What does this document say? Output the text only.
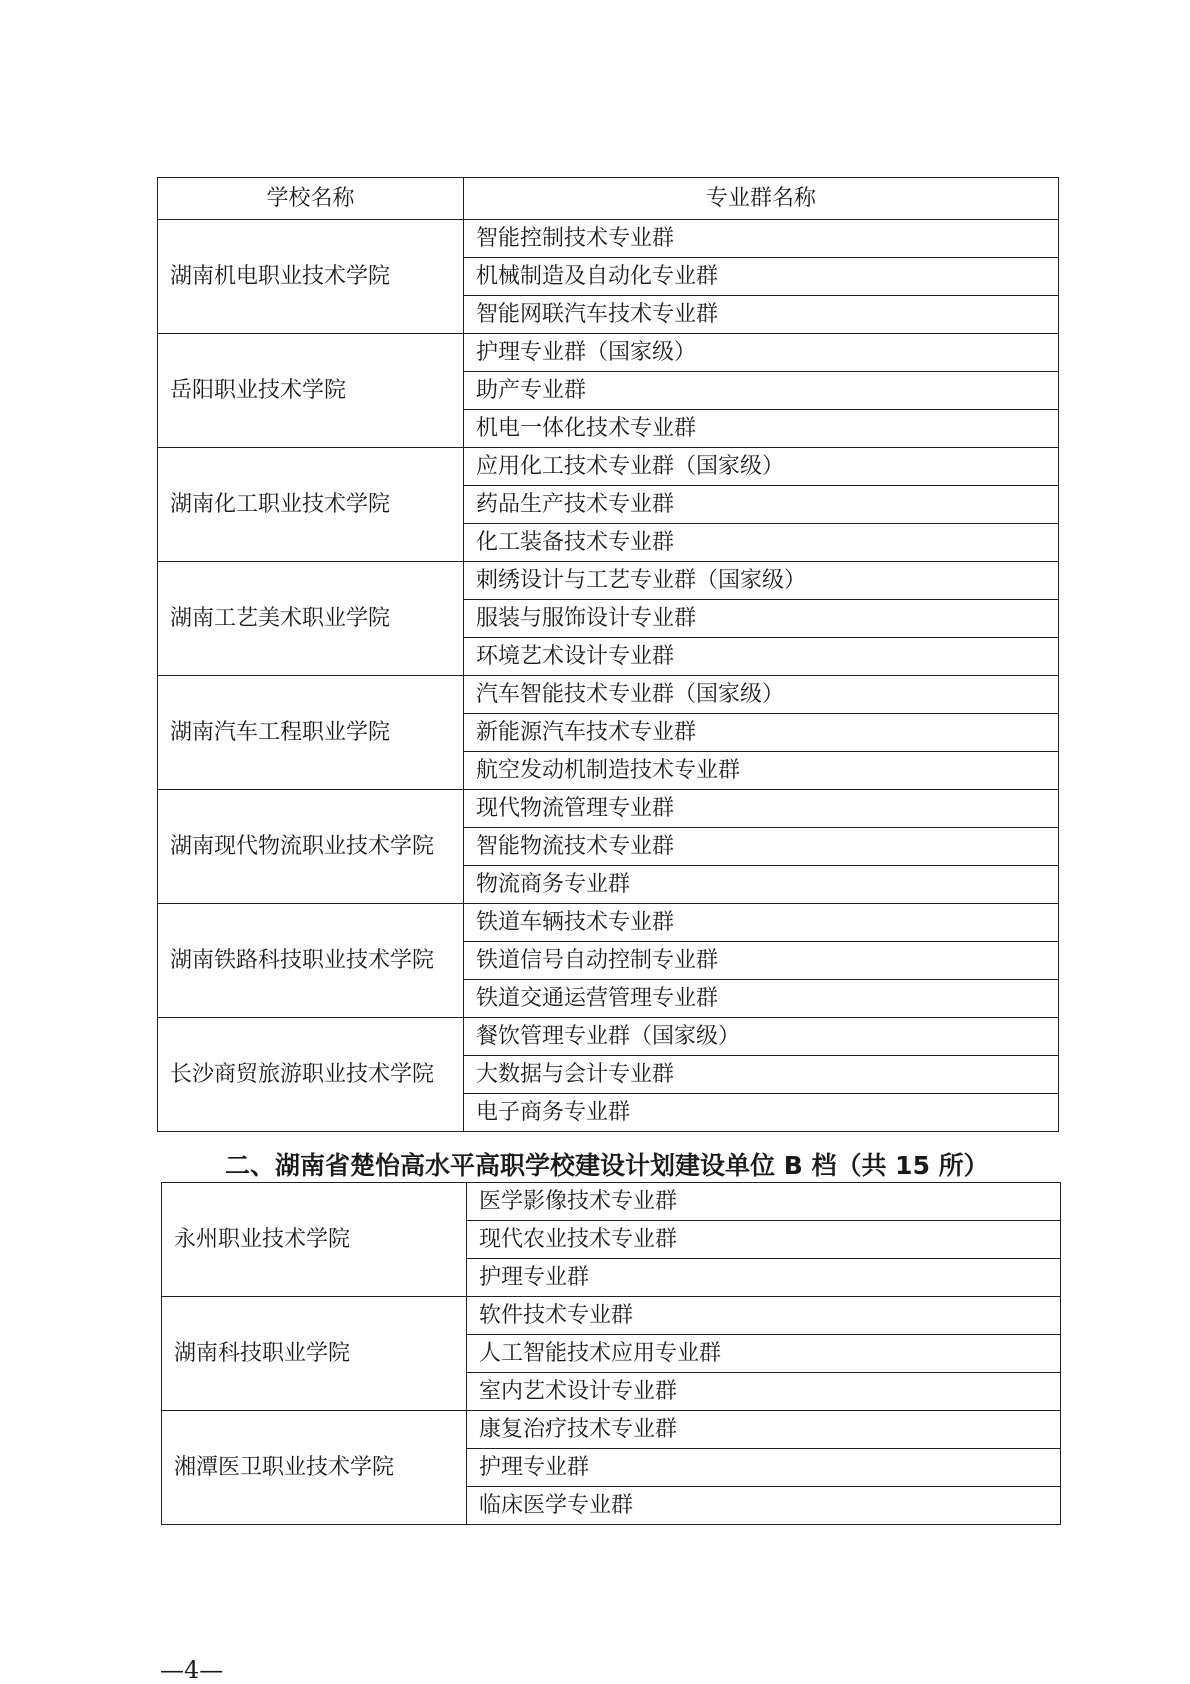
学校名称	专业群名称
湖南机电职业技术学院	智能控制技术专业群
	机械制造及自动化专业群
	智能网联汽车技术专业群
岳阳职业技术学院	护理专业群（国家级）
	助产专业群
	机电一体化技术专业群
湖南化工职业技术学院	应用化工技术专业群（国家级）
	药品生产技术专业群
	化工装备技术专业群
湖南工艺美术职业学院	刺绣设计与工艺专业群（国家级）
	服装与服饰设计专业群
	环境艺术设计专业群
湖南汽车工程职业学院	汽车智能技术专业群（国家级）
	新能源汽车技术专业群
	航空发动机制造技术专业群
湖南现代物流职业技术学院	现代物流管理专业群
	智能物流技术专业群
	物流商务专业群
湖南铁路科技职业技术学院	铁道车辆技术专业群
	铁道信号自动控制专业群
	铁道交通运营管理专业群
长沙商贸旅游职业技术学院	餐饮管理专业群（国家级）
	大数据与会计专业群
	电子商务专业群
二、湖南省楚怡高水平高职学校建设计划建设单位 B 档（共 15 所）
永州职业技术学院	医学影像技术专业群
	现代农业技术专业群
	护理专业群
湖南科技职业学院	软件技术专业群
	人工智能技术应用专业群
	室内艺术设计专业群
湘潭医卫职业技术学院	康复治疗技术专业群
	护理专业群
	临床医学专业群
—4—
